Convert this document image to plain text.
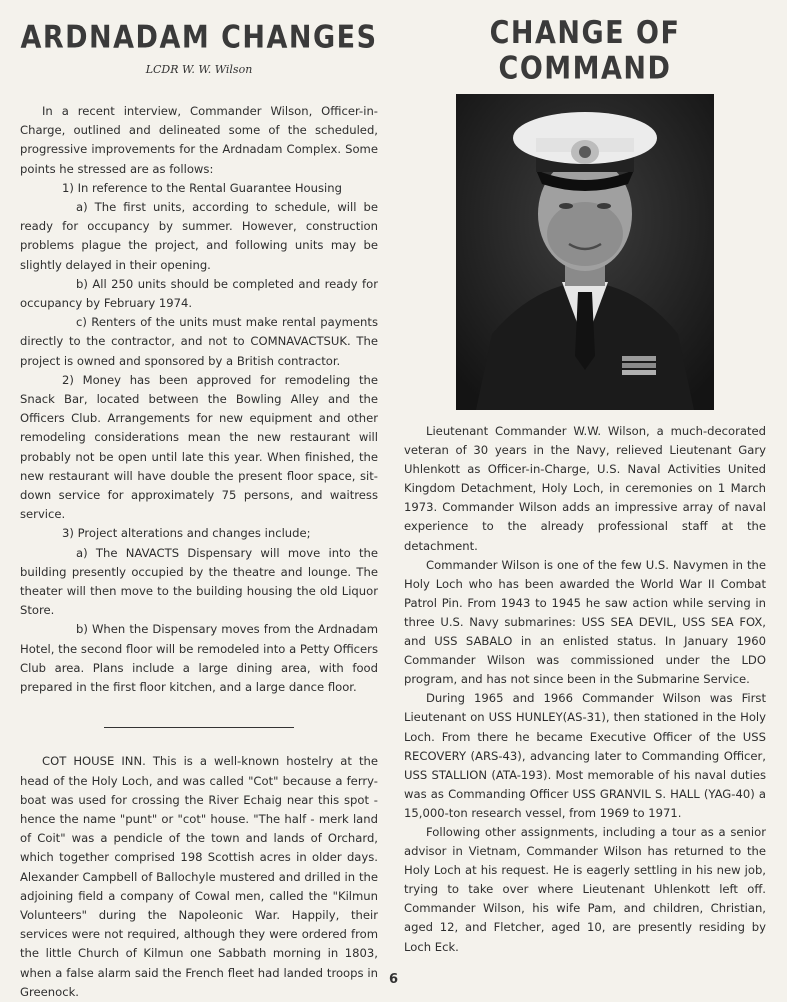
ARDNADAM CHANGES
LCDR W. W. Wilson

In a recent interview, Commander Wilson, Officer-in-Charge, outlined and delineated some of the scheduled, progressive improvements for the Ardnadam Complex. Some points he stressed are as follows:

1) In reference to the Rental Guarantee Housing

a) The first units, according to schedule, will be ready for occupancy by summer. However, construction problems plague the project, and following units may be slightly delayed in their opening.

b) All 250 units should be completed and ready for occupancy by February 1974.

c) Renters of the units must make rental payments directly to the contractor, and not to COMNAVACTSUK. The project is owned and sponsored by a British contractor.

2) Money has been approved for remodeling the Snack Bar, located between the Bowling Alley and the Officers Club. Arrangements for new equipment and other remodeling considerations mean the new restaurant will probably not be open until late this year. When finished, the new restaurant will have double the present floor space, sit-down service for approximately 75 persons, and waitress service.

3) Project alterations and changes include;

a) The NAVACTS Dispensary will move into the building presently occupied by the theatre and lounge. The theater will then move to the building housing the old Liquor Store.

b) When the Dispensary moves from the Ardnadam Hotel, the second floor will be remodeled into a Petty Officers Club area. Plans include a large dining area, with food prepared in the first floor kitchen, and a large dance floor.

COT HOUSE INN. This is a well-known hostelry at the head of the Holy Loch, and was called "Cot" because a ferry-boat was used for crossing the River Echaig near this spot - hence the name "punt" or "cot" house. "The half - merk land of Coit" was a pendicle of the town and lands of Orchard, which together comprised 198 Scottish acres in older days. Alexander Campbell of Ballochyle mustered and drilled in the adjoining field a company of Cowal men, called the "Kilmun Volunteers" during the Napoleonic War. Happily, their services were not required, although they were ordered from the little Church of Kilmun one Sabbath morning in 1803, when a false alarm said the French fleet had landed troops in Greenock.

CHANGE OF COMMAND

Lieutenant Commander W.W. Wilson, a much-decorated veteran of 30 years in the Navy, relieved Lieutenant Gary Uhlenkott as Officer-in-Charge, U.S. Naval Activities United Kingdom Detachment, Holy Loch, in ceremonies on 1 March 1973. Commander Wilson adds an impressive array of naval experience to the already professional staff at the detachment.

Commander Wilson is one of the few U.S. Navymen in the Holy Loch who has been awarded the World War II Combat Patrol Pin. From 1943 to 1945 he saw action while serving in three U.S. Navy submarines: USS SEA DEVIL, USS SEA FOX, and USS SABALO in an enlisted status. In January 1960 Commander Wilson was commissioned under the LDO program, and has not since been in the Submarine Service.

During 1965 and 1966 Commander Wilson was First Lieutenant on USS HUNLEY(AS-31), then stationed in the Holy Loch. From there he became Executive Officer of the USS RECOVERY (ARS-43), advancing later to Commanding Officer, USS STALLION (ATA-193). Most memorable of his naval duties was as Commanding Officer USS GRANVIL S. HALL (YAG-40) a 15,000-ton research vessel, from 1969 to 1971.

Following other assignments, including a tour as a senior advisor in Vietnam, Commander Wilson has returned to the Holy Loch at his request. He is eagerly settling in his new job, trying to take over where Lieutenant Uhlenkott left off. Commander Wilson, his wife Pam, and children, Christian, aged 12, and Fletcher, aged 10, are presently residing by Loch Eck.

6
